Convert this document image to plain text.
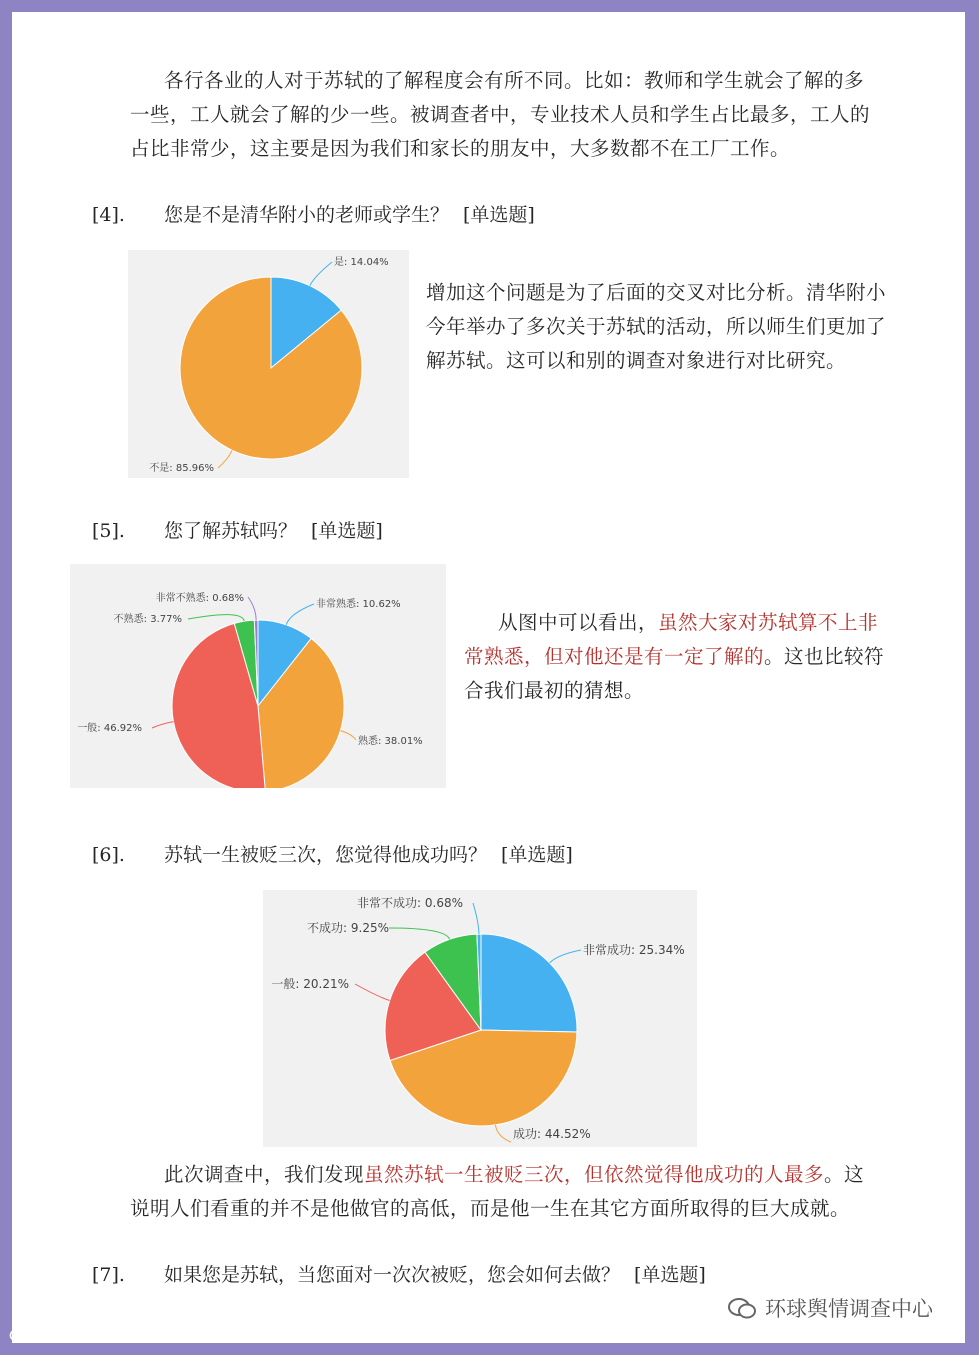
各行各业的人对于苏轼的了解程度会有所不同。比如：教师和学生就会了解的多

一些，工人就会了解的少一些。被调查者中，专业技术人员和学生占比最多，工人的

占比非常少，这主要是因为我们和家长的朋友中，大多数都不在工厂工作。

[4]. 您是不是清华附小的老师或学生？ [单选题]
是: 14.04%
不是: 85.96%

增加这个问题是为了后面的交叉对比分析。清华附小

今年举办了多次关于苏轼的活动，所以师生们更加了

解苏轼。这可以和别的调查对象进行对比研究。

[5]. 您了解苏轼吗？ [单选题]
非常熟悉: 10.62%
熟悉: 38.01%
一般: 46.92%
不熟悉: 3.77%
非常不熟悉: 0.68%

从图中可以看出，虽然大家对苏轼算不上非

常熟悉，但对他还是有一定了解的。这也比较符

合我们最初的猜想。

[6]. 苏轼一生被贬三次，您觉得他成功吗？ [单选题]
非常成功: 25.34%
成功: 44.52%
一般: 20.21%
不成功: 9.25%
非常不成功: 0.68%

此次调查中，我们发现虽然苏轼一生被贬三次，但依然觉得他成功的人最多。这

说明人们看重的并不是他做官的高低，而是他一生在其它方面所取得的巨大成就。

[7]. 如果您是苏轼，当您面对一次次被贬，您会如何去做？ [单选题]
环球舆情调查中心
⊙ 大数跨境
